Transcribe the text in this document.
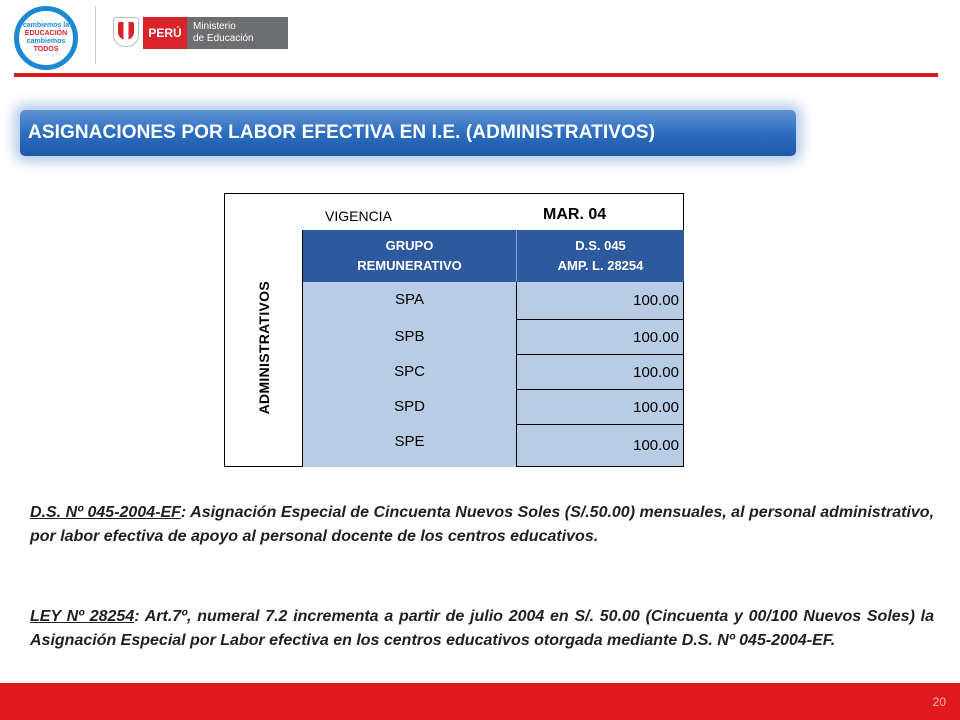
cambiemos la
EDUCACIÓN
cambiemos
TODOS
PERÚ	Ministerio
de Educación
ASIGNACIONES POR LABOR EFECTIVA EN I.E. (ADMINISTRATIVOS)
VIGENCIA	MAR. 04
ADMINISTRATIVOS
GRUPO
REMUNERATIVO
D.S. 045
AMP. L. 28254
SPA
SPB
SPC
SPD
SPE
100.00
100.00
100.00
100.00
100.00
D.S. Nº 045-2004-EF: Asignación Especial de Cincuenta Nuevos Soles (S/.50.00) mensuales, al personal administrativo, por labor efectiva de apoyo al personal docente de los centros educativos.
LEY Nº 28254: Art.7º, numeral 7.2 incrementa a partir de julio 2004 en S/. 50.00 (Cincuenta y 00/100 Nuevos Soles) la Asignación Especial por Labor efectiva en los centros educativos otorgada mediante D.S. Nº 045-2004-EF.
20
